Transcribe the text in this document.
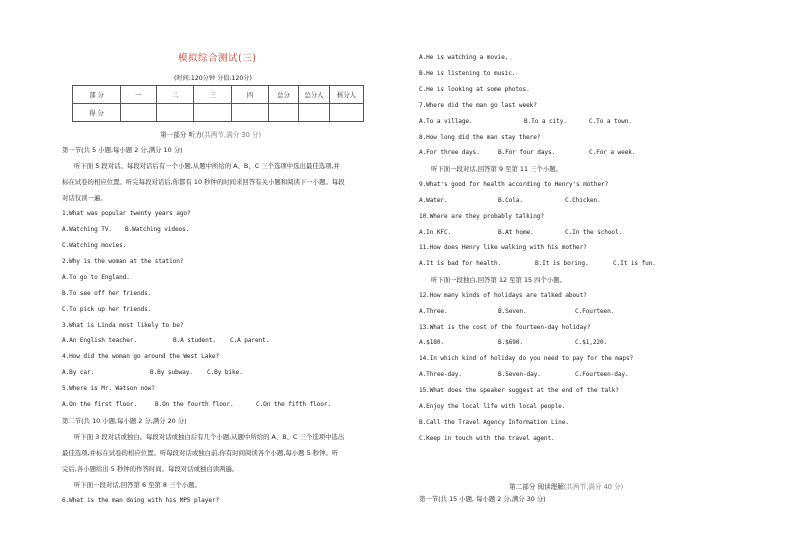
模拟综合测试(三)
(时间:120分钟 分值:120分)
部 分	一	二	三	四	总分	总分人	核分人
得 分							
第一部分 听力(共两节,满分 30 分)
第一节(共 5 小题,每小题 2 分,满分 10 分)
听下面 5 段对话。每段对话后有一个小题,从题中所给的 A、B、C 三个选项中选出最佳选项,并
标在试卷的相应位置。听完每段对话后,你都有 10 秒钟的时间来回答有关小题和阅读下一小题。每段
对话仅读一遍。
1.What was popular twenty years ago?
A.Watching TV. B.Watching videos.
C.Watching movies.
2.Why is the woman at the station?
A.To go to England.
B.To see off her friends.
C.To pick up her friends.
3.What is Linda most likely to be?
A.An English teacher.	B.A student. C.A parent.
4.How did the woman go around the West Lake?
A.By car.	B.By subway. C.By bike.
5.Where is Mr. Watson now?
A.On the first floor.	B.On the fourth floor.	C.On the fifth floor.
第二节(共 10 小题,每小题 2 分,满分 20 分)
听下面 3 段对话或独白。每段对话或独白后有几个小题,从题中所给的 A、B、C 三个选项中选出
最佳选项,并标在试卷的相应位置。听每段对话或独白前,你有时间阅读各个小题,每小题 5 秒钟。听
完后,各小题给出 5 秒钟的作答时间。每段对话或独白读两遍。
听下面一段对话,回答第 6 至第 8 三个小题。
6.What is the man doing with his MP5 player?
A.He is watching a movie.
B.He is listening to music.
C.He is looking at some photos.
7.Where did the man go last week?
A.To a village.	B.To a city.	C.To a town.
8.How long did the man stay there?
A.For three days.	B.For four days.	C.For a week.
听下面一段对话,回答第 9 至第 11 三个小题。
9.What's good for health according to Henry's mother?
A.Water.	B.Cola.	C.Chicken.
10.Where are they probably talking?
A.In KFC.	B.At home.	C.In the school.
11.How does Henry like walking with his mother?
A.It is bad for health.	B.It is boring.	C.It is fun.
听下面一段独白,回答第 12 至第 15 四个小题。
12.How many kinds of holidays are talked about?
A.Three.	B.Seven.	C.Fourteen.
13.What is the cost of the fourteen-day holiday?
A.$180.	B.$690.	C.$1,220.
14.In which kind of holiday do you need to pay for the maps?
A.Three-day.	B.Seven-day.	C.Fourteen-day.
15.What does the speaker suggest at the end of the talk?
A.Enjoy the local life with local people.
B.Call the Travel Agency Information Line.
C.Keep in touch with the travel agent.
第二部分 阅读理解(共两节,满分 40 分)
第一节(共 15 小题, 每小题 2 分,满分 30 分)
